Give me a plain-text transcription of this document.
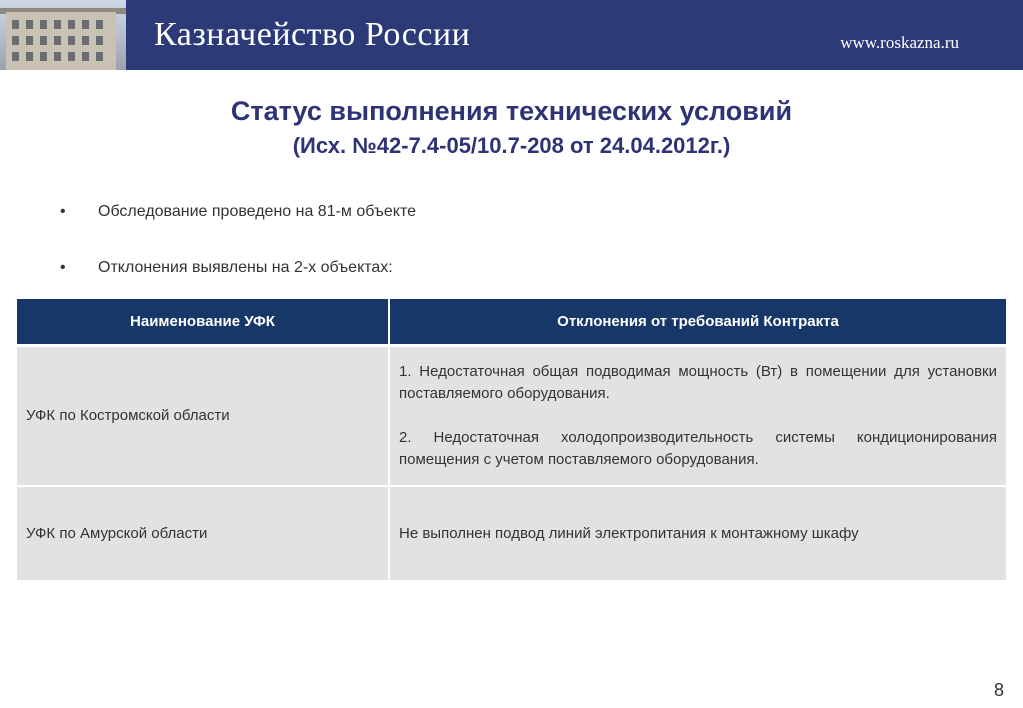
Казначейство России	www.roskazna.ru
Статус выполнения технических условий
(Исх. №42-7.4-05/10.7-208 от 24.04.2012г.)
• Обследование проведено на 81-м объекте
• Отклонения выявлены на 2-х объектах:
Наименование УФК	Отклонения от требований Контракта
УФК по Костромской области	1. Недостаточная общая подводимая мощность (Вт) в помещении для установки поставляемого оборудования.
2. Недостаточная холодопроизводительность системы кондиционирования помещения с учетом поставляемого оборудования.

УФК по Амурской области	Не выполнен подвод линий электропитания к монтажному шкафу
8
